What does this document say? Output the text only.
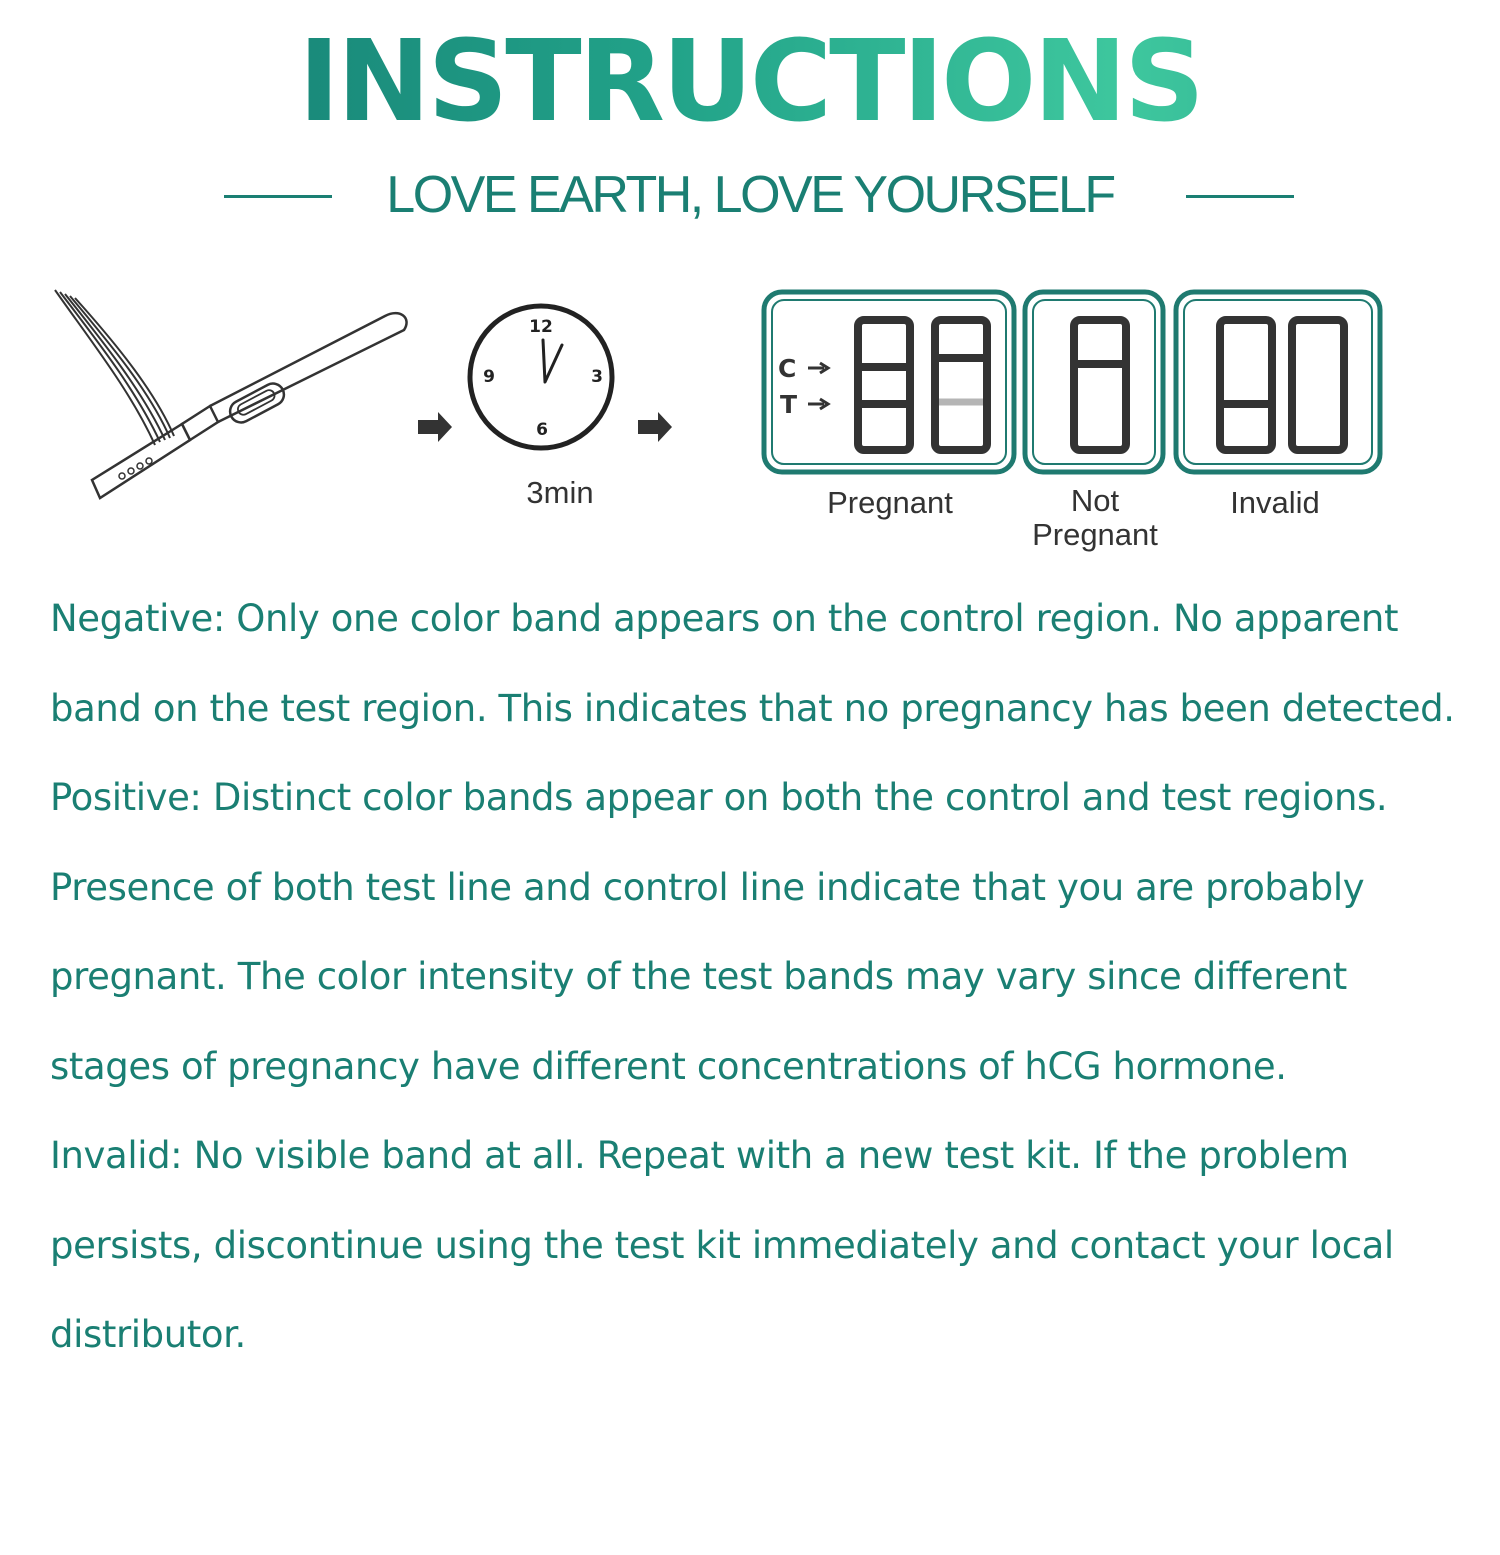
INSTRUCTIONS
LOVE EARTH, LOVE YOURSELF
12
3
6
9	C
T
3min	Pregnant	Not Pregnant
Invalid

Negative: Only one color band appears on the control region. No apparent band on the test region. This indicates that no pregnancy has been detected.

Positive: Distinct color bands appear on both the control and test regions. Presence of both test line and control line indicate that you are probably pregnant. The color intensity of the test bands may vary since different stages of pregnancy have different concentrations of hCG hormone.

Invalid: No visible band at all. Repeat with a new test kit. If the problem persists, discontinue using the test kit immediately and contact your local distributor.
